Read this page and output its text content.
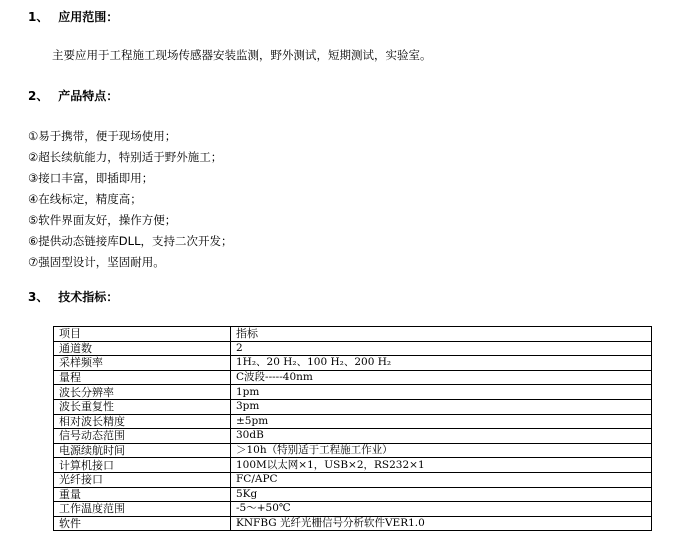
1、 应用范围：
主要应用于工程施工现场传感器安装监测，野外测试，短期测试，实验室。
2、 产品特点：
①易于携带，便于现场使用；
②超长续航能力，特别适于野外施工；
③接口丰富，即插即用；
④在线标定，精度高；
⑤软件界面友好，操作方便；
⑥提供动态链接库DLL，支持二次开发；
⑦强固型设计，坚固耐用。
3、 技术指标：
项目	指标
通道数	2
采样频率	1H₂、20 H₂、100 H₂、200 H₂
量程	C波段-----40nm
波长分辨率	1pm
波长重复性	3pm
相对波长精度	±5pm
信号动态范围	30dB
电源续航时间	＞10h（特别适于工程施工作业）
计算机接口	100M以太网×1，USB×2，RS232×1
光纤接口	FC/APC
重量	5Kg
工作温度范围	-5～+50℃
软件	KNFBG 光纤光栅信号分析软件VER1.0
